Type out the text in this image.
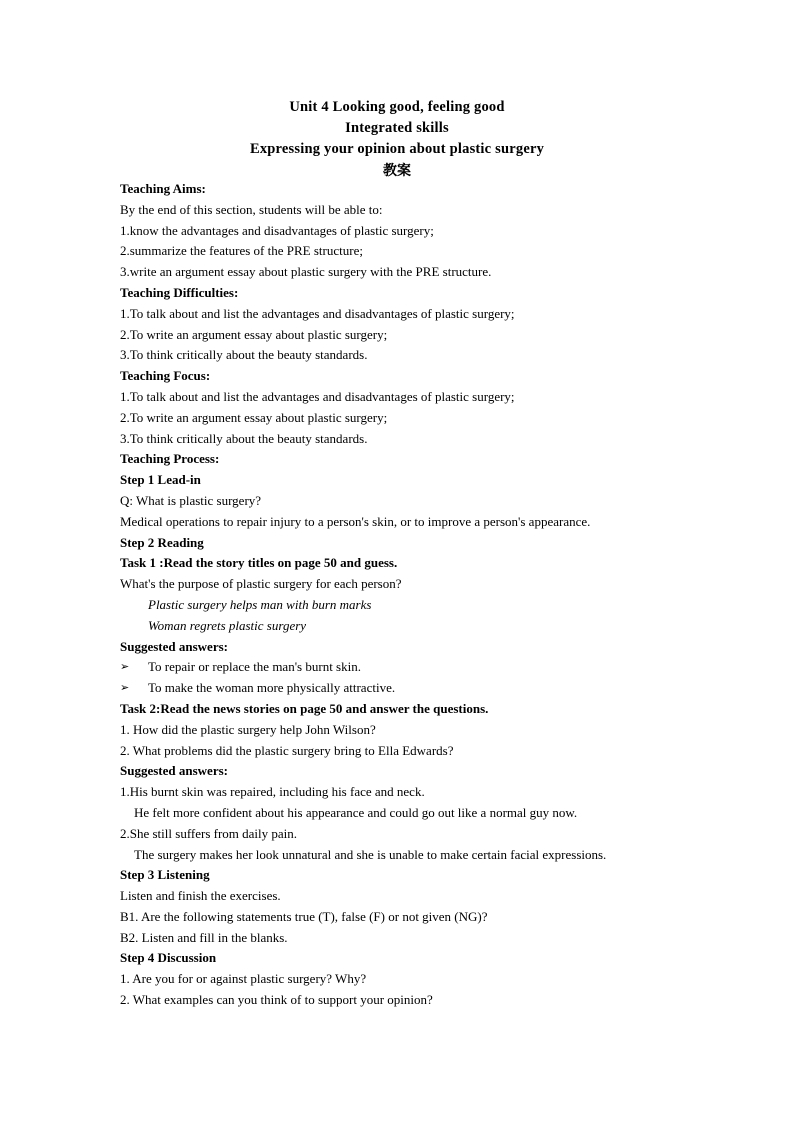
Unit 4 Looking good, feeling good
Integrated skills
Expressing your opinion about plastic surgery
教案
Teaching Aims:
By the end of this section, students will be able to:
1.know the advantages and disadvantages of plastic surgery;
2.summarize the features of the PRE structure;
3.write an argument essay about plastic surgery with the PRE structure.
Teaching Difficulties:
1.To talk about and list the advantages and disadvantages of plastic surgery;
2.To write an argument essay about plastic surgery;
3.To think critically about the beauty standards.
Teaching Focus:
1.To talk about and list the advantages and disadvantages of plastic surgery;
2.To write an argument essay about plastic surgery;
3.To think critically about the beauty standards.
Teaching Process:
Step 1 Lead-in
Q: What is plastic surgery?
Medical operations to repair injury to a person's skin, or to improve a person's appearance.
Step 2 Reading
Task 1 :Read the story titles on page 50 and guess.
What's the purpose of plastic surgery for each person?
Plastic surgery helps man with burn marks
Woman regrets plastic surgery
Suggested answers:
➢	To repair or replace the man's burnt skin.
➢	To make the woman more physically attractive.
Task 2:Read the news stories on page 50 and answer the questions.
1. How did the plastic surgery help John Wilson?
2. What problems did the plastic surgery bring to Ella Edwards?
Suggested answers:
1.His burnt skin was repaired, including his face and neck.
He felt more confident about his appearance and could go out like a normal guy now.
2.She still suffers from daily pain.
The surgery makes her look unnatural and she is unable to make certain facial expressions.
Step 3 Listening
Listen and finish the exercises.
B1. Are the following statements true (T), false (F) or not given (NG)?
B2. Listen and fill in the blanks.
Step 4 Discussion
1. Are you for or against plastic surgery? Why?
2. What examples can you think of to support your opinion?
